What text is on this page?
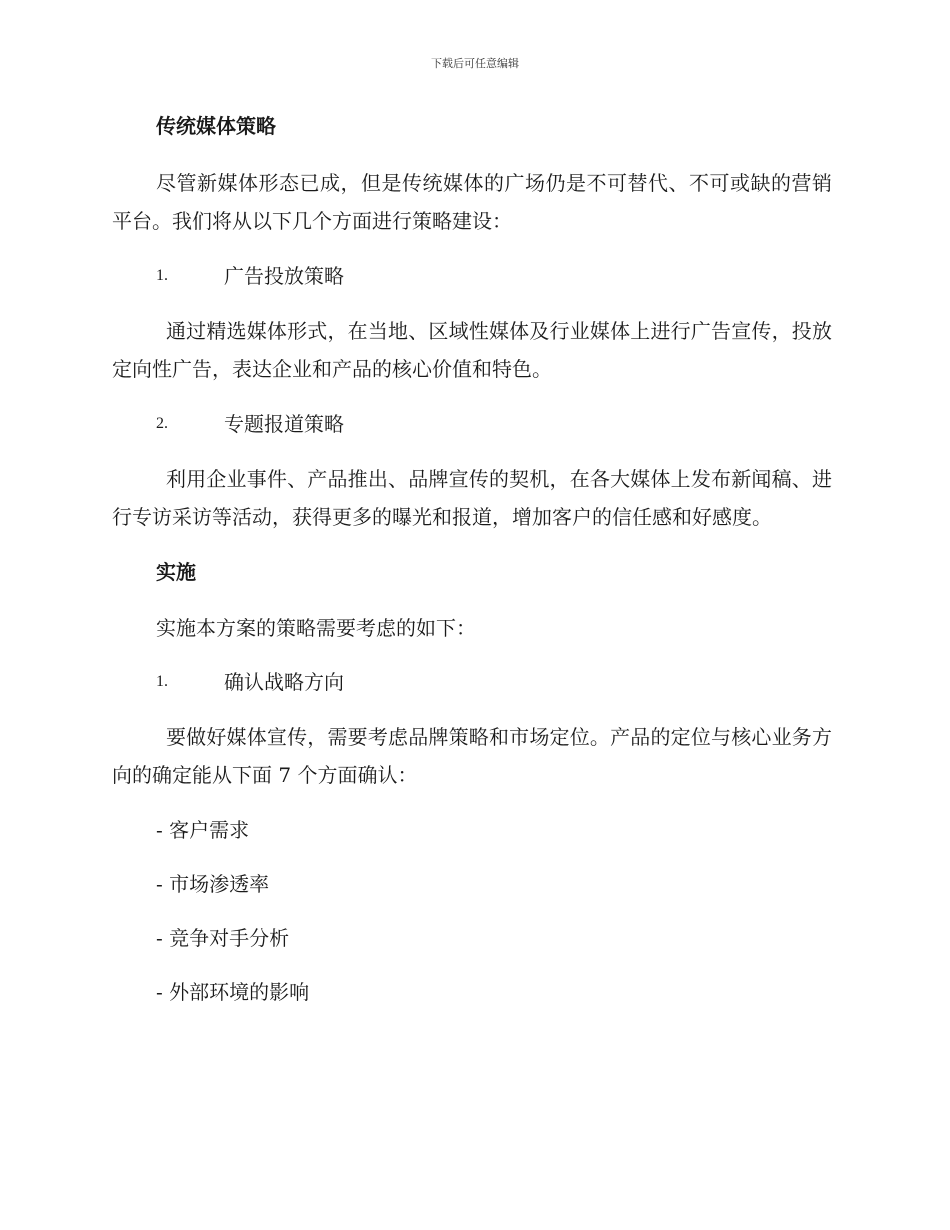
下载后可任意编辑
传统媒体策略

尽管新媒体形态已成，但是传统媒体的广场仍是不可替代、不可或缺的营销平台。我们将从以下几个方面进行策略建设：

1.	广告投放策略

通过精选媒体形式，在当地、区域性媒体及行业媒体上进行广告宣传，投放定向性广告，表达企业和产品的核心价值和特色。

2.	专题报道策略

利用企业事件、产品推出、品牌宣传的契机，在各大媒体上发布新闻稿、进行专访采访等活动，获得更多的曝光和报道，增加客户的信任感和好感度。

实施
实施本方案的策略需要考虑的如下：
1.	确认战略方向

要做好媒体宣传，需要考虑品牌策略和市场定位。产品的定位与核心业务方向的确定能从下面 7 个方面确认：

- 客户需求
- 市场渗透率
- 竞争对手分析
- 外部环境的影响
